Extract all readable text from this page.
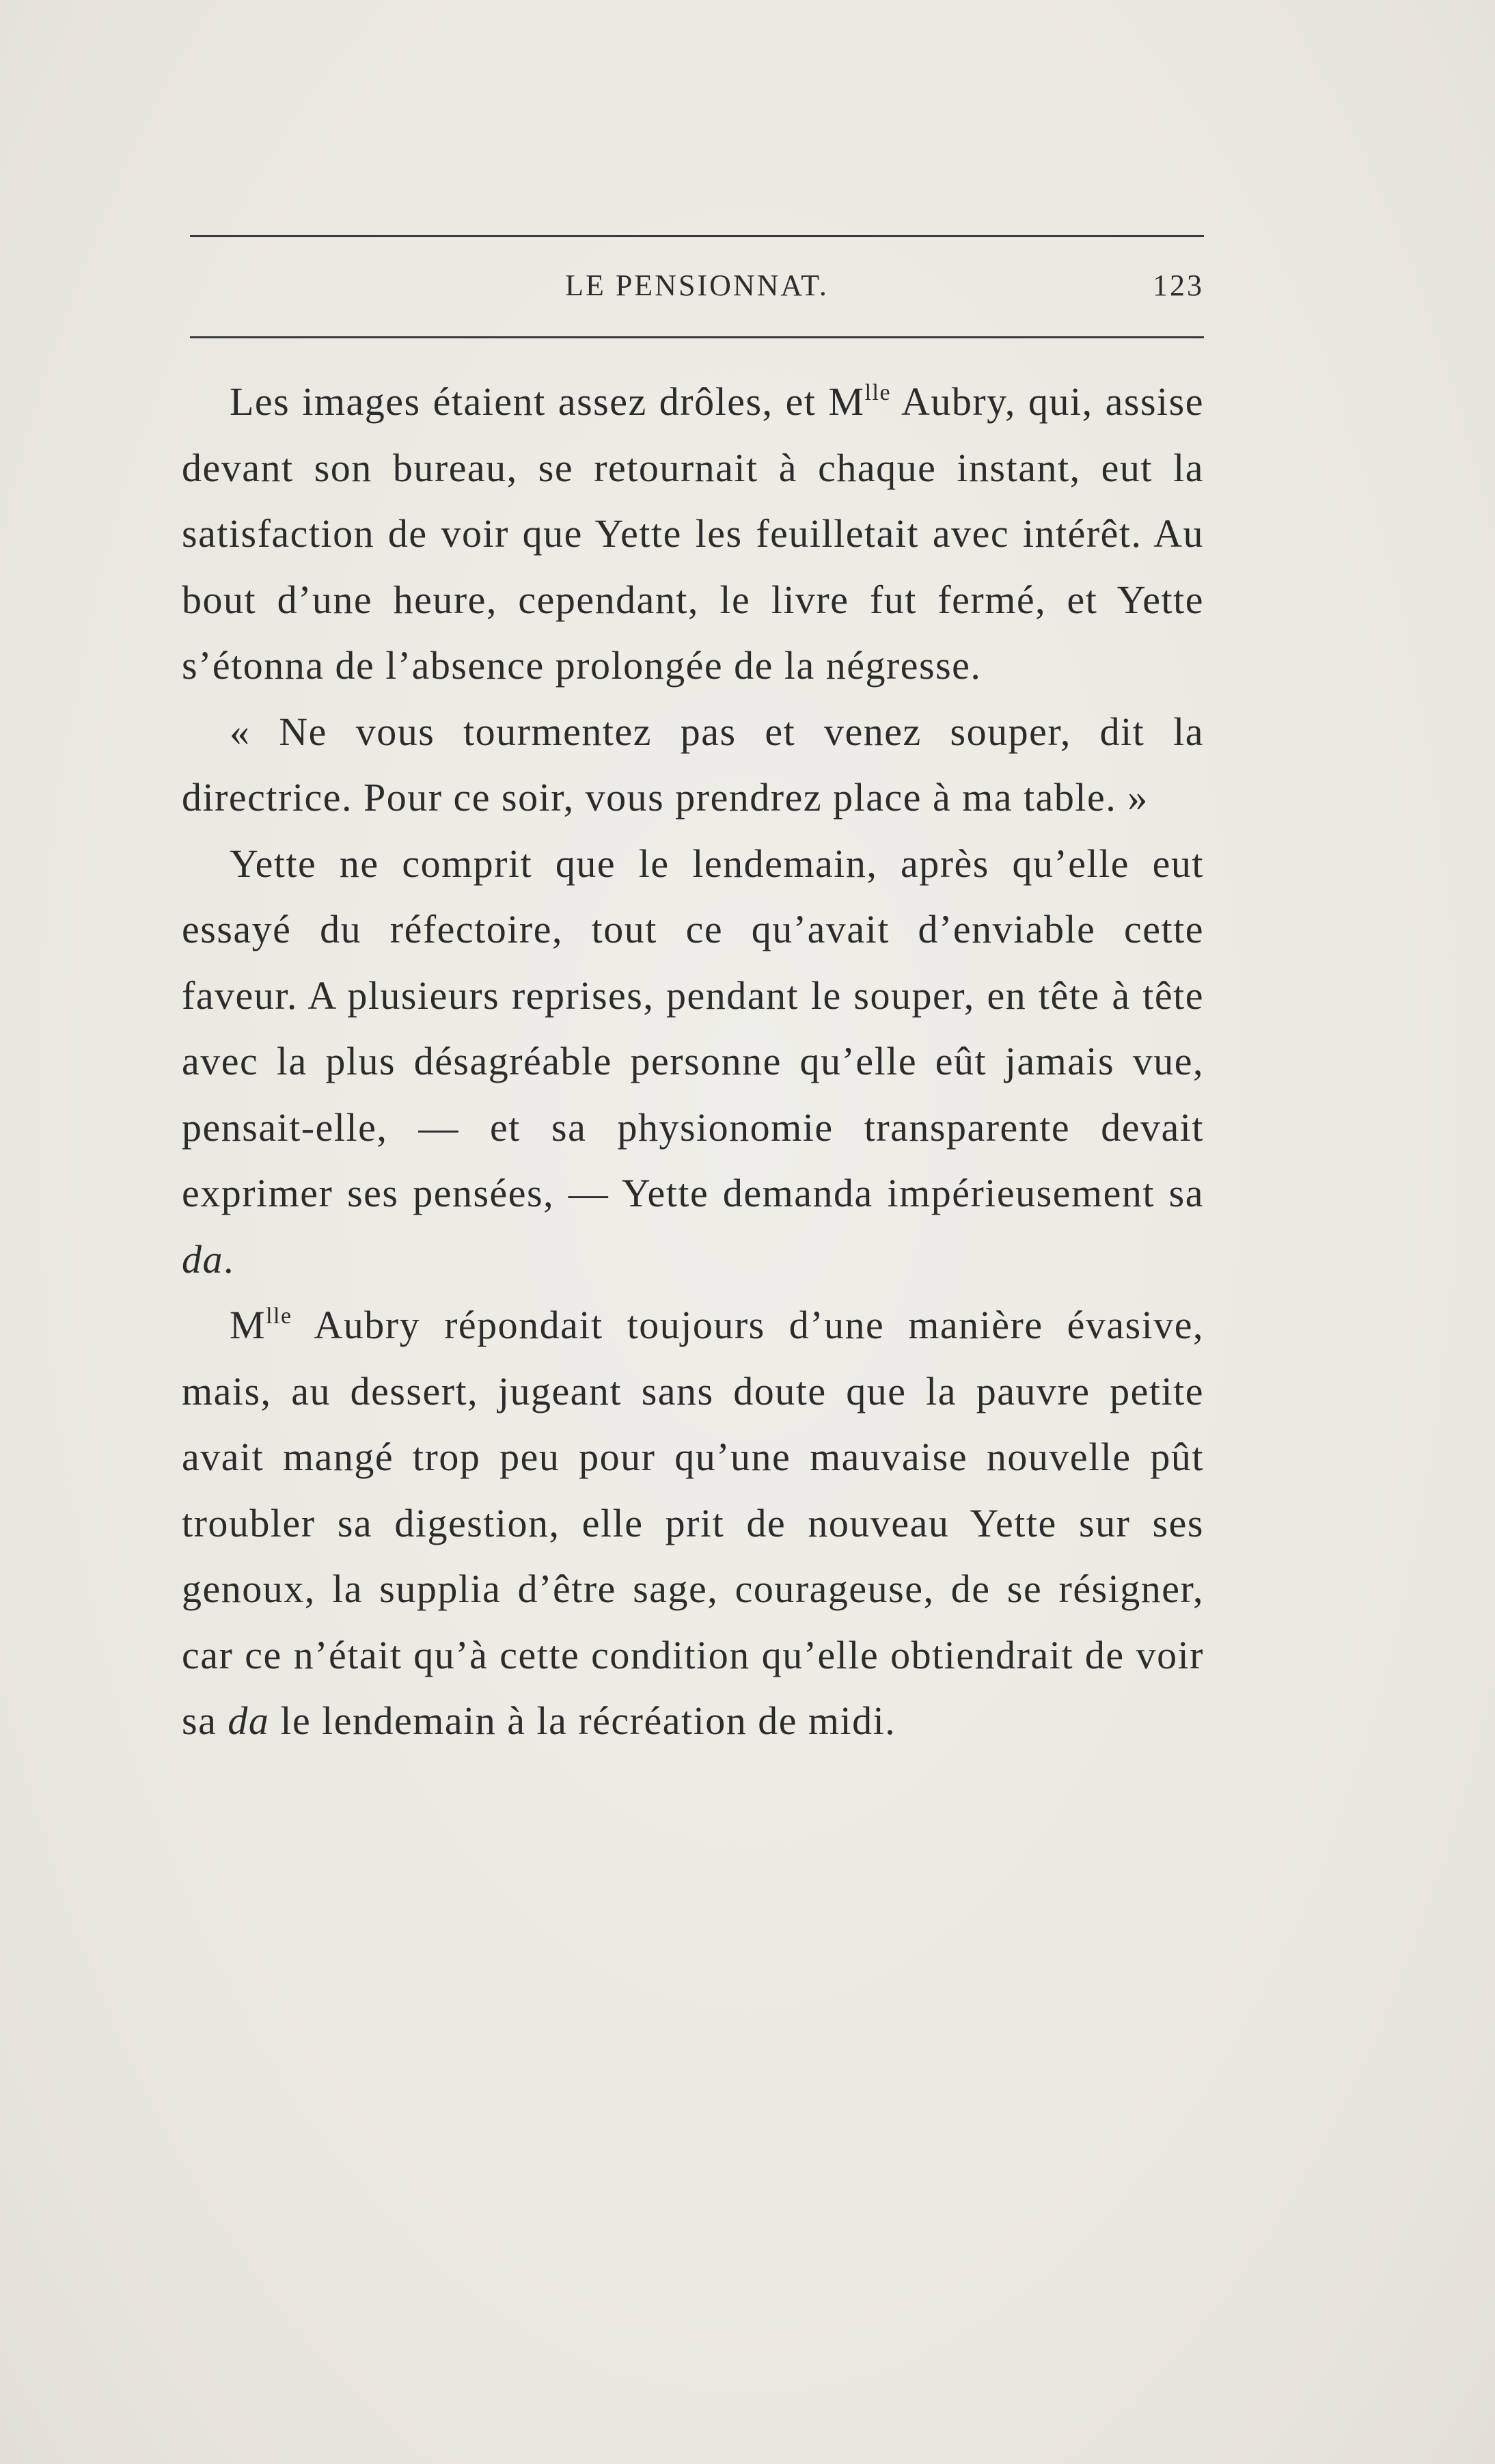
LE PENSIONNAT.	123

Les images étaient assez drôles, et $M^{lle}$ Aubry, qui, assise devant son bureau, se retournait à chaque instant, eut la satisfaction de voir que Yette les feuilletait avec intérêt. Au bout d’une heure, cependant, le livre fut fermé, et Yette s’étonna de l’absence prolongée de la négresse.

« Ne vous tourmentez pas et venez souper, dit la directrice. Pour ce soir, vous prendrez place à ma table. »

Yette ne comprit que le lendemain, après qu’elle eut essayé du réfectoire, tout ce qu’avait d’enviable cette faveur. A plusieurs reprises, pendant le souper, en tête à tête avec la plus désagréable personne qu’elle eût jamais vue, pensait-elle, — et sa physionomie transparente devait exprimer ses pensées, — Yette demanda impérieusement sa da.

$M^{lle}$ Aubry répondait toujours d’une manière évasive, mais, au dessert, jugeant sans doute que la pauvre petite avait mangé trop peu pour qu’une mauvaise nouvelle pût troubler sa digestion, elle prit de nouveau Yette sur ses genoux, la supplia d’être sage, courageuse, de se résigner, car ce n’était qu’à cette condition qu’elle obtiendrait de voir sa da le lendemain à la récréation de midi.
